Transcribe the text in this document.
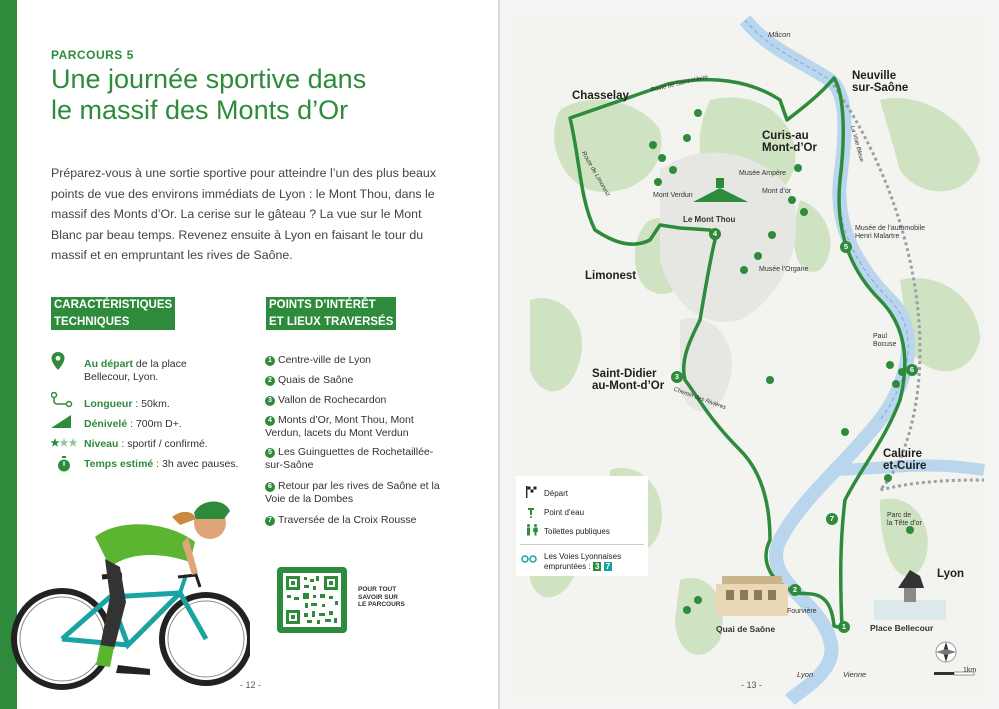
PARCOURS 5
Une journée sportive dans
le massif des Monts d’Or
Préparez-vous à une sortie sportive pour atteindre l’un des plus beaux points de vue des environs immédiats de Lyon : le Mont Thou, dans le massif des Monts d’Or. La cerise sur le gâteau ? La vue sur le Mont Blanc par beau temps. Revenez ensuite à Lyon en faisant le tour du massif et en empruntant les rives de Saône.
CARACTÉRISTIQUES
TECHNIQUES
POINTS D’INTÉRÊT
ET LIEUX TRAVERSÉS
Au départ de la place
Bellecour, Lyon.
Longueur : 50km.
Dénivelé : 700m D+.
Niveau : sportif / confirmé.
Temps estimé : 3h avec pauses.
1 Centre-ville de Lyon
2 Quais de Saône
3 Vallon de Rochecardon
4 Monts d’Or, Mont Thou, Mont
Verdun, lacets du Mont Verdun
5 Les Guinguettes de Rochetaillée-
sur-Saône
6 Retour par les rives de Saône et la
Voie de la Dombes
7 Traversée de la Croix Rousse
POUR TOUT
SAVOIR SUR
LE PARCOURS
- 12 -
Chasselay
Neuville
sur-Saône
Curis-au
Mont-d’Or
Limonest
Saint-Didier
au-Mont-d’Or
Caluire
et-Cuire
Lyon
Le Mont Thou
Quai de Saône	Place Bellecour
Mâcon
Musée Ampère
Mont Verdun
Mont d’or
Musée l’Organe
Musée de l’automobile
Henri Malartre
Paul
Bocuse
Fourvière
Parc de
la Tête d’or
Lyon	Vienne	1km
Route de Saint-Hilaire
Route de Limonest
La Voie Bleue
Chemin des Rivières
1
2
3
4
5
6
7
Départ
Point d’eau
Toilettes publiques
Les Voies Lyonnaises
empruntées : 3 7
- 13 -
